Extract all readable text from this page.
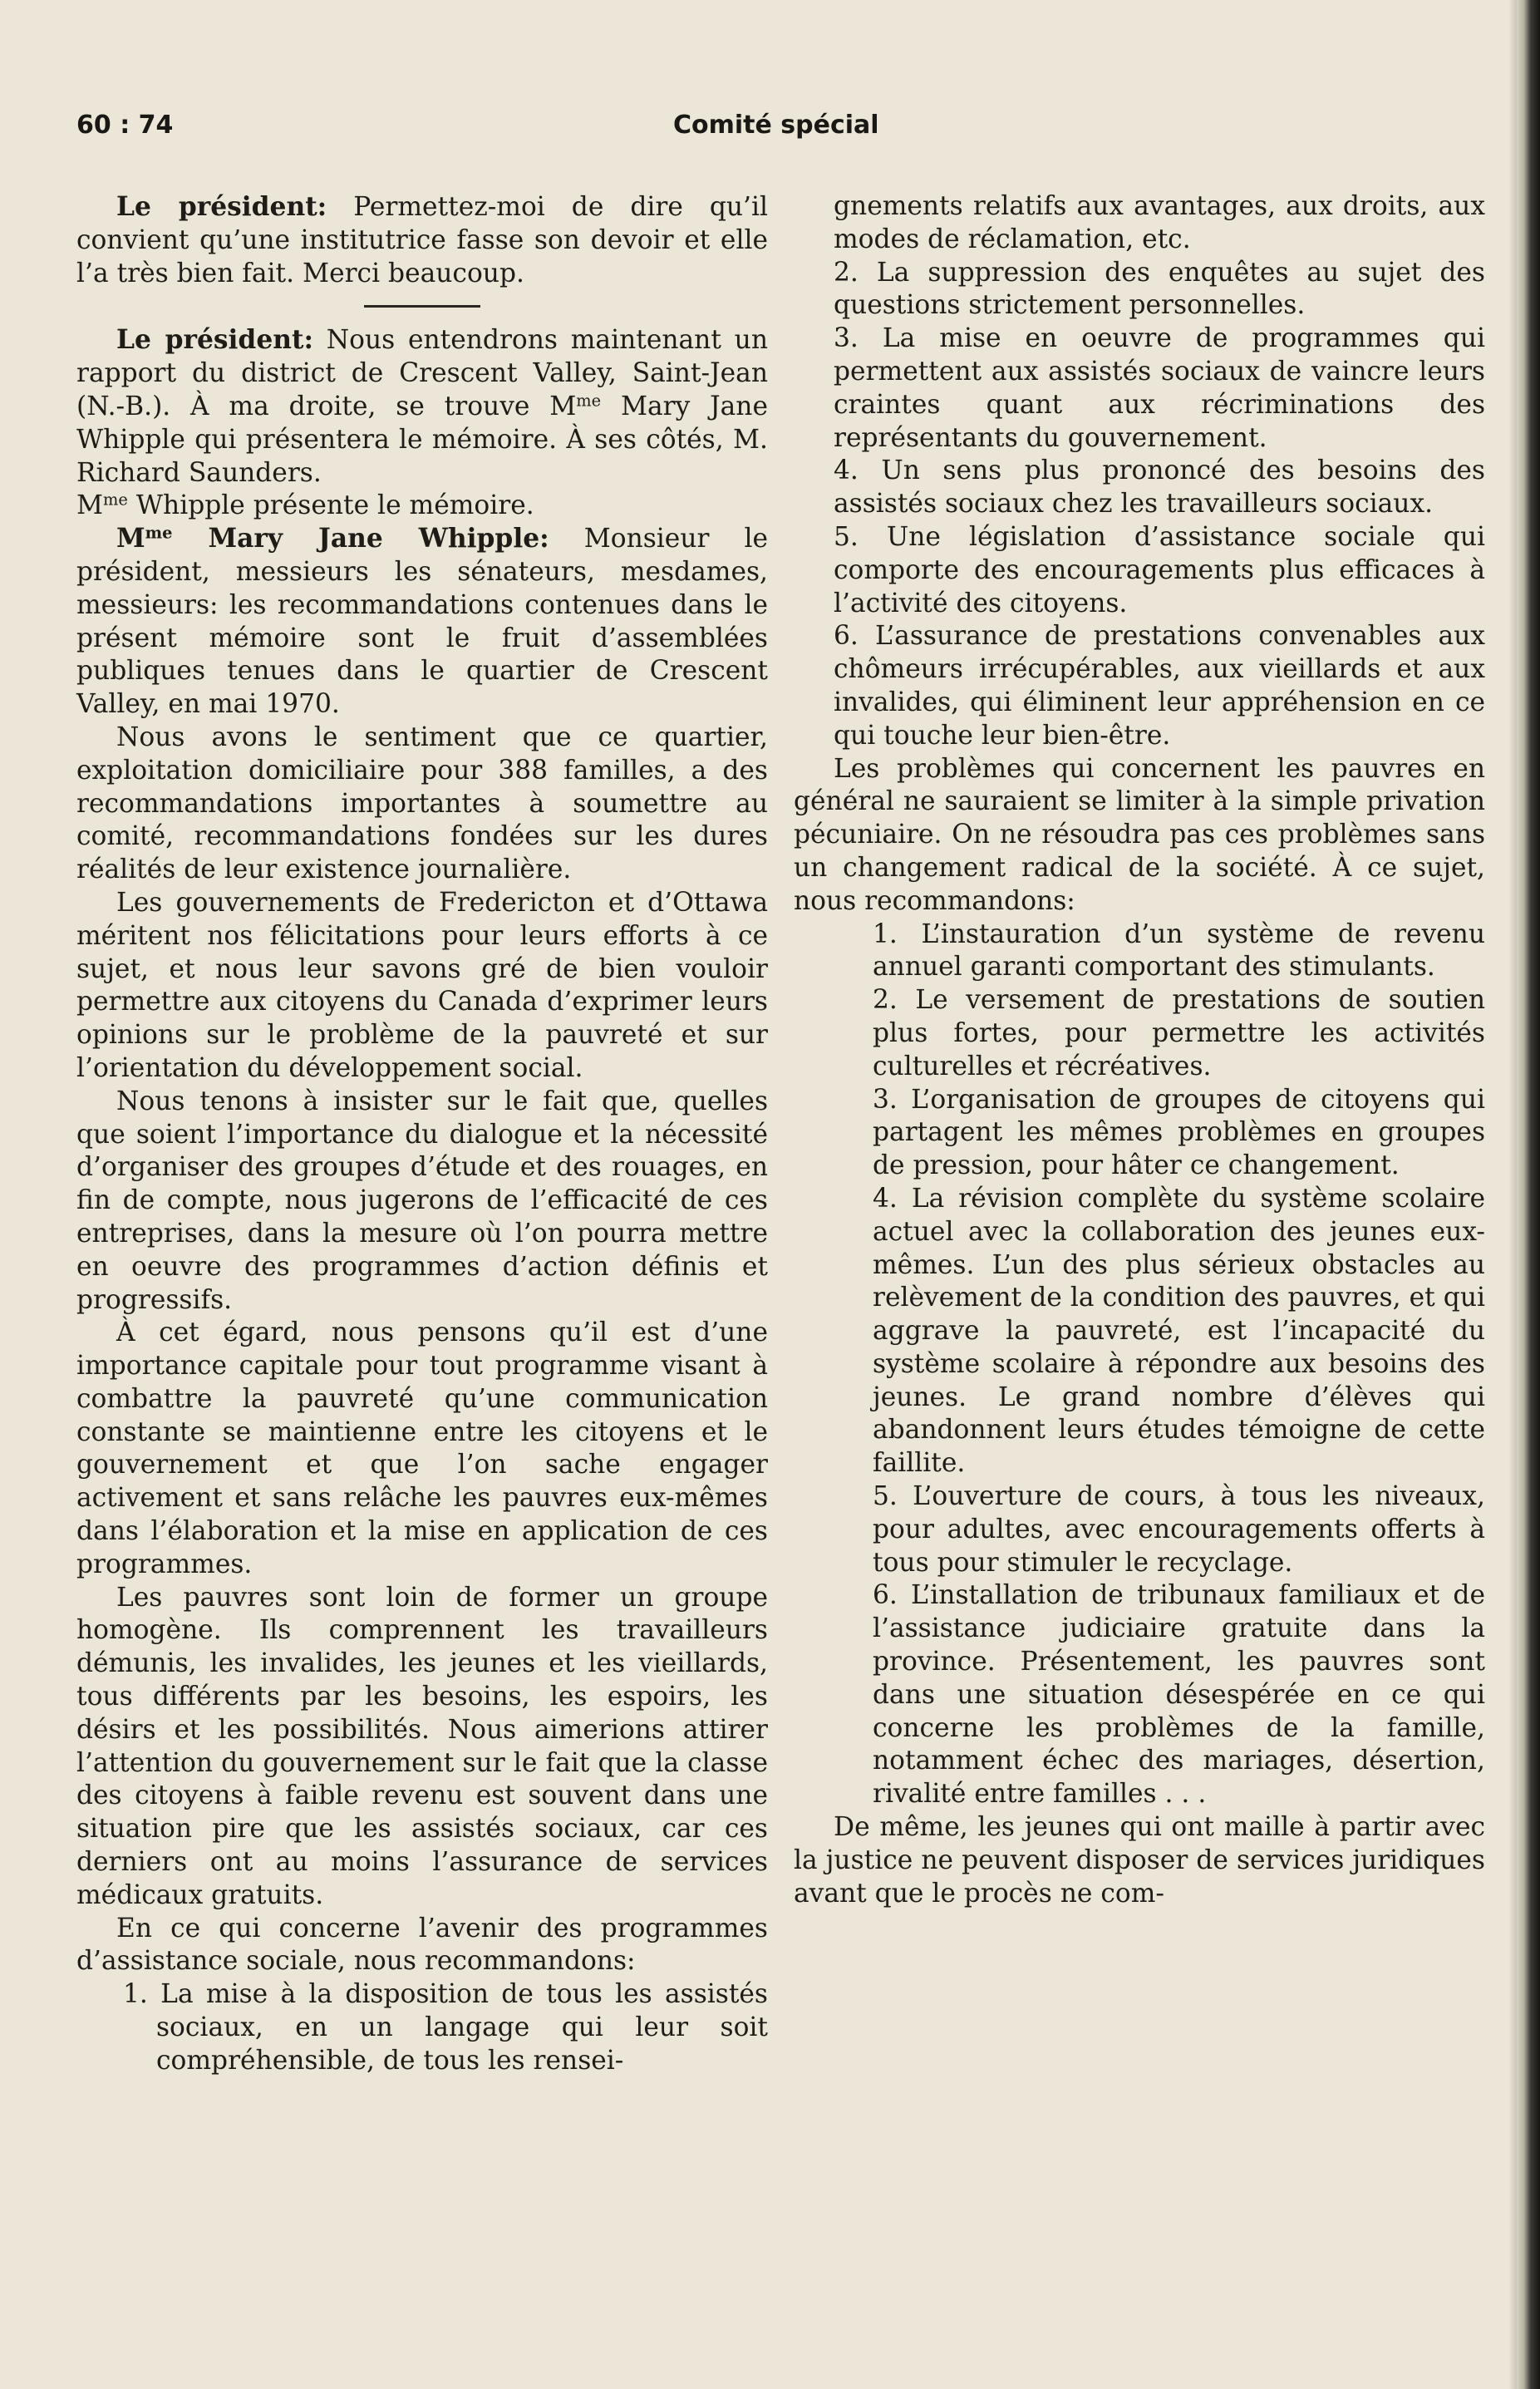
60 : 74	Comité spécial

Le président: Permettez-moi de dire qu’il convient qu’une institutrice fasse son devoir et elle l’a très bien fait. Merci beaucoup.

Le président: Nous entendrons maintenant un rapport du district de Crescent Valley, Saint-Jean (N.-B.). À ma droite, se trouve $M^{me}$ Mary Jane Whipple qui présentera le mémoire. À ses côtés, M. Richard Saunders.

$M^{me}$ Whipple présente le mémoire.

$M^{me}$ Mary Jane Whipple: Monsieur le président, messieurs les sénateurs, mesdames, messieurs: les recommandations contenues dans le présent mémoire sont le fruit d’assemblées publiques tenues dans le quartier de Crescent Valley, en mai 1970.

Nous avons le sentiment que ce quartier, exploitation domiciliaire pour 388 familles, a des recommandations importantes à soumettre au comité, recommandations fondées sur les dures réalités de leur existence journalière.

Les gouvernements de Fredericton et d’Ottawa méritent nos félicitations pour leurs efforts à ce sujet, et nous leur savons gré de bien vouloir permettre aux citoyens du Canada d’exprimer leurs opinions sur le problème de la pauvreté et sur l’orientation du développement social.

Nous tenons à insister sur le fait que, quelles que soient l’importance du dialogue et la nécessité d’organiser des groupes d’étude et des rouages, en fin de compte, nous jugerons de l’efficacité de ces entreprises, dans la mesure où l’on pourra mettre en oeuvre des programmes d’action définis et progressifs.

À cet égard, nous pensons qu’il est d’une importance capitale pour tout programme visant à combattre la pauvreté qu’une communication constante se maintienne entre les citoyens et le gouvernement et que l’on sache engager activement et sans relâche les pauvres eux-mêmes dans l’élaboration et la mise en application de ces programmes.

Les pauvres sont loin de former un groupe homogène. Ils comprennent les travailleurs démunis, les invalides, les jeunes et les vieillards, tous différents par les besoins, les espoirs, les désirs et les possibilités. Nous aimerions attirer l’attention du gouvernement sur le fait que la classe des citoyens à faible revenu est souvent dans une situation pire que les assistés sociaux, car ces derniers ont au moins l’assurance de services médicaux gratuits.

En ce qui concerne l’avenir des programmes d’assistance sociale, nous recommandons:

1. La mise à la disposition de tous les assistés sociaux, en un langage qui leur soit compréhensible, de tous les rensei-

gnements relatifs aux avantages, aux droits, aux modes de réclamation, etc.

2. La suppression des enquêtes au sujet des questions strictement personnelles.

3. La mise en oeuvre de programmes qui permettent aux assistés sociaux de vaincre leurs craintes quant aux récriminations des représentants du gouvernement.

4. Un sens plus prononcé des besoins des assistés sociaux chez les travailleurs sociaux.

5. Une législation d’assistance sociale qui comporte des encouragements plus efficaces à l’activité des citoyens.

6. L’assurance de prestations convenables aux chômeurs irrécupérables, aux vieillards et aux invalides, qui éliminent leur appréhension en ce qui touche leur bien-être.

Les problèmes qui concernent les pauvres en général ne sauraient se limiter à la simple privation pécuniaire. On ne résoudra pas ces problèmes sans un changement radical de la société. À ce sujet, nous recommandons:

1. L’instauration d’un système de revenu annuel garanti comportant des stimulants.

2. Le versement de prestations de soutien plus fortes, pour permettre les activités culturelles et récréatives.

3. L’organisation de groupes de citoyens qui partagent les mêmes problèmes en groupes de pression, pour hâter ce changement.

4. La révision complète du système scolaire actuel avec la collaboration des jeunes eux-mêmes. L’un des plus sérieux obstacles au relèvement de la condition des pauvres, et qui aggrave la pauvreté, est l’incapacité du système scolaire à répondre aux besoins des jeunes. Le grand nombre d’élèves qui abandonnent leurs études témoigne de cette faillite.

5. L’ouverture de cours, à tous les niveaux, pour adultes, avec encouragements offerts à tous pour stimuler le recyclage.

6. L’installation de tribunaux familiaux et de l’assistance judiciaire gratuite dans la province. Présentement, les pauvres sont dans une situation désespérée en ce qui concerne les problèmes de la famille, notamment échec des mariages, désertion, rivalité entre familles . . .

De même, les jeunes qui ont maille à partir avec la justice ne peuvent disposer de services juridiques avant que le procès ne com-
